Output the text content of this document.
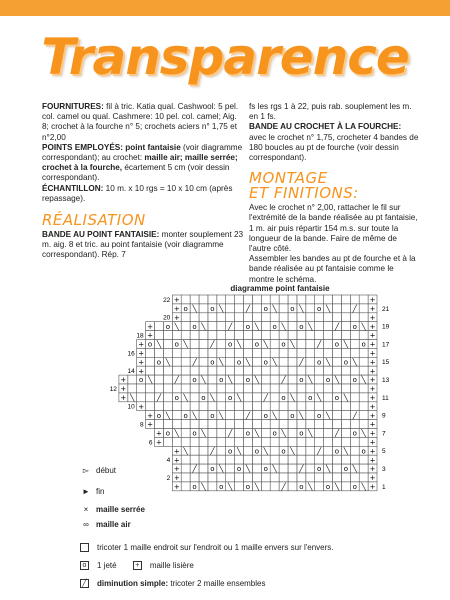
Transparence

FOURNITURES: fil à tric. Katia qual. Cashwool: 5 pel. col. camel ou qual. Cashmere: 10 pel. col. camel; Aig. 8; crochet à la fourche n° 5; crochets aciers n° 1,75 et n°2,00

POINTS EMPLOYÉS: point fantaisie (voir diagramme correspondant); au crochet: maille air; maille serrée; crochet à la fourche, écartement 5 cm (voir dessin correspondant).

ÉCHANTILLON: 10 m. x 10 rgs = 10 x 10 cm (après repassage).

RÉALISATION

BANDE AU POINT FANTAISIE: monter souplement 23 m. aig. 8 et tric. au point fantaisie (voir diagramme correspondant). Rép. 7

fs les rgs 1 à 22, puis rab. souplement les m. en 1 fs.

BANDE AU CROCHET À LA FOURCHE: avec le crochet n° 1,75, crocheter 4 bandes de 180 boucles au pt de fourche (voir dessin correspondant).

MONTAGE
ET FINITIONS:

Avec le crochet n° 2,00, rattacher le fil sur l'extrémité de la bande réalisée au pt fantaisie, 1 m. air puis répartir 154 m.s. sur toute la longueur de la bande. Faire de même de l'autre côté.

Assembler les bandes au pt de fourche et à la bande réalisée au pt fantaisie comme le montre le schéma.

diagramme point fantaisie
+
+
+
╱
╲
o
╲
o
╲
o
╱
╲
o
╲
o
+
+
+
+
╲
o
╱
╲
o
╲
o
╲
o
╱
╲
o
╲
o
+
+
+
+
o
╲
o
╱
╲
o
╲
o
╲
o
╱
╲
o
╲
o
+
+
+
+
╲
o
╲
o
╱
╲
o
╲
o
╲
o
╱
╲
o
+
+
+
+
╲
o
╲
o
╲
o
╱
╲
o
╲
o
╲
o
╱
╲
o
+
+
+
+
╲
o
╲
o
╲
o
╱
╲
o
╲
o
╲
o
╱
╲
+
+
+
+
╱
╲
o
╲
o
╲
o
╱
╲
o
╲
o
╲
o
+
+
+
+
╲
o
╱
╲
o
╲
o
╲
o
╱
╲
o
╲
o
+
+
+
+
o
╲
o
╱
╲
o
╲
o
╲
o
╱
╲
+
+
+
+
╲
o
╲
o
╱
╲
o
╲
o
╲
o
╱
+
+
+
+
╲
o
╲
o
╲
o
╱
╲
o
╲
o
╲
o
+
22
21
20
19
18
17
16
15
14
13
12
11
10
9
8
7
6
5
4
3
2
1
▻ début
► fin
× maille serrée
∞ maille air
tricoter 1 maille endroit sur l'endroit ou 1 maille envers sur l'envers.
o 1 jeté	+ maille lisière
╱ diminution simple: tricoter 2 maille ensembles
